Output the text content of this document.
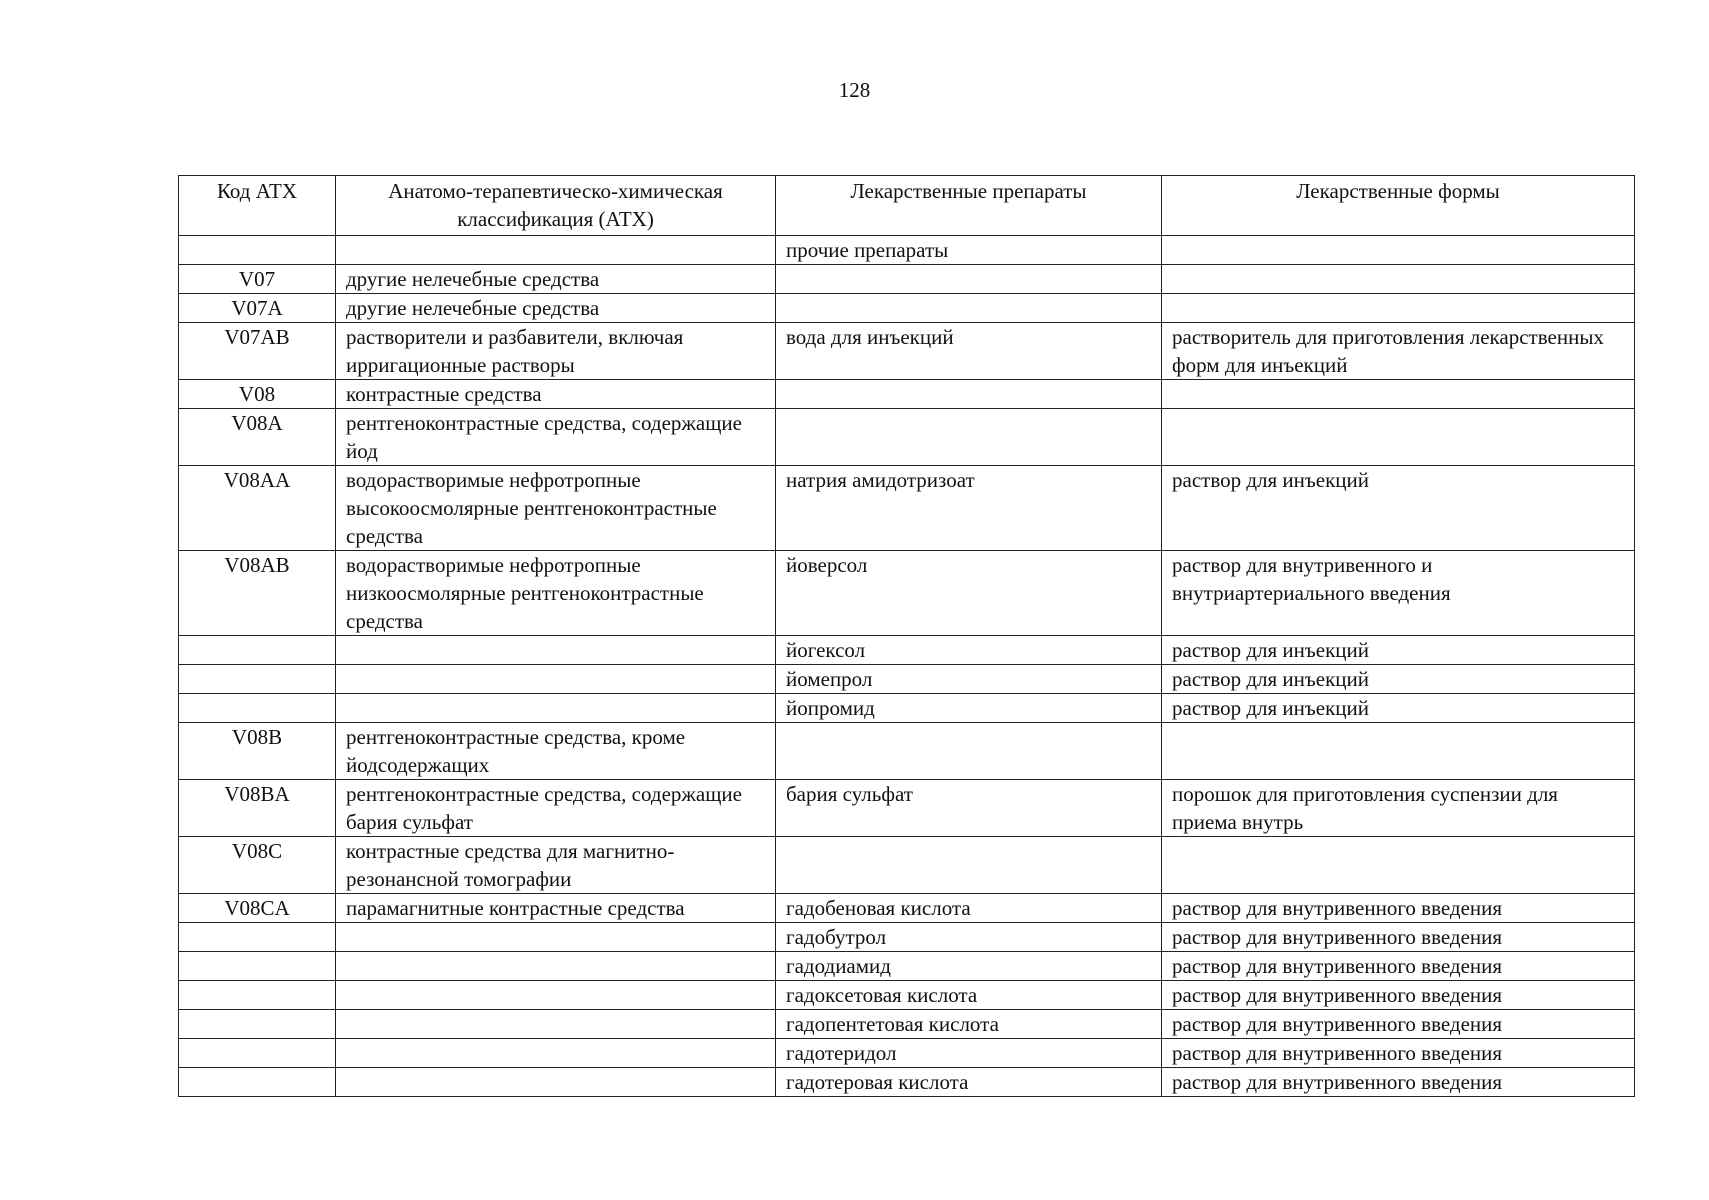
128
Код АТХ	Анатомо-терапевтическо-химическая классификация (АТХ)	Лекарственные препараты	Лекарственные формы
		прочие препараты	
V07	другие нелечебные средства		
V07A	другие нелечебные средства		
V07AB	растворители и разбавители, включая ирригационные растворы	вода для инъекций	растворитель для приготовления лекарственных форм для инъекций
V08	контрастные средства		
V08A	рентгеноконтрастные средства, содержащие йод		
V08AA	водорастворимые нефротропные высокоосмолярные рентгеноконтрастные средства	натрия амидотризоат	раствор для инъекций
V08AB	водорастворимые нефротропные низкоосмолярные рентгеноконтрастные средства	йоверсол	раствор для внутривенного и внутриартериального введения
		йогексол	раствор для инъекций
		йомепрол	раствор для инъекций
		йопромид	раствор для инъекций
V08B	рентгеноконтрастные средства, кроме йодсодержащих		
V08BA	рентгеноконтрастные средства, содержащие бария сульфат	бария сульфат	порошок для приготовления суспензии для приема внутрь
V08C	контрастные средства для магнитно-резонансной томографии		
V08CA	парамагнитные контрастные средства	гадобеновая кислота	раствор для внутривенного введения
		гадобутрол	раствор для внутривенного введения
		гадодиамид	раствор для внутривенного введения
		гадоксетовая кислота	раствор для внутривенного введения
		гадопентетовая кислота	раствор для внутривенного введения
		гадотеридол	раствор для внутривенного введения
		гадотеровая кислота	раствор для внутривенного введения
